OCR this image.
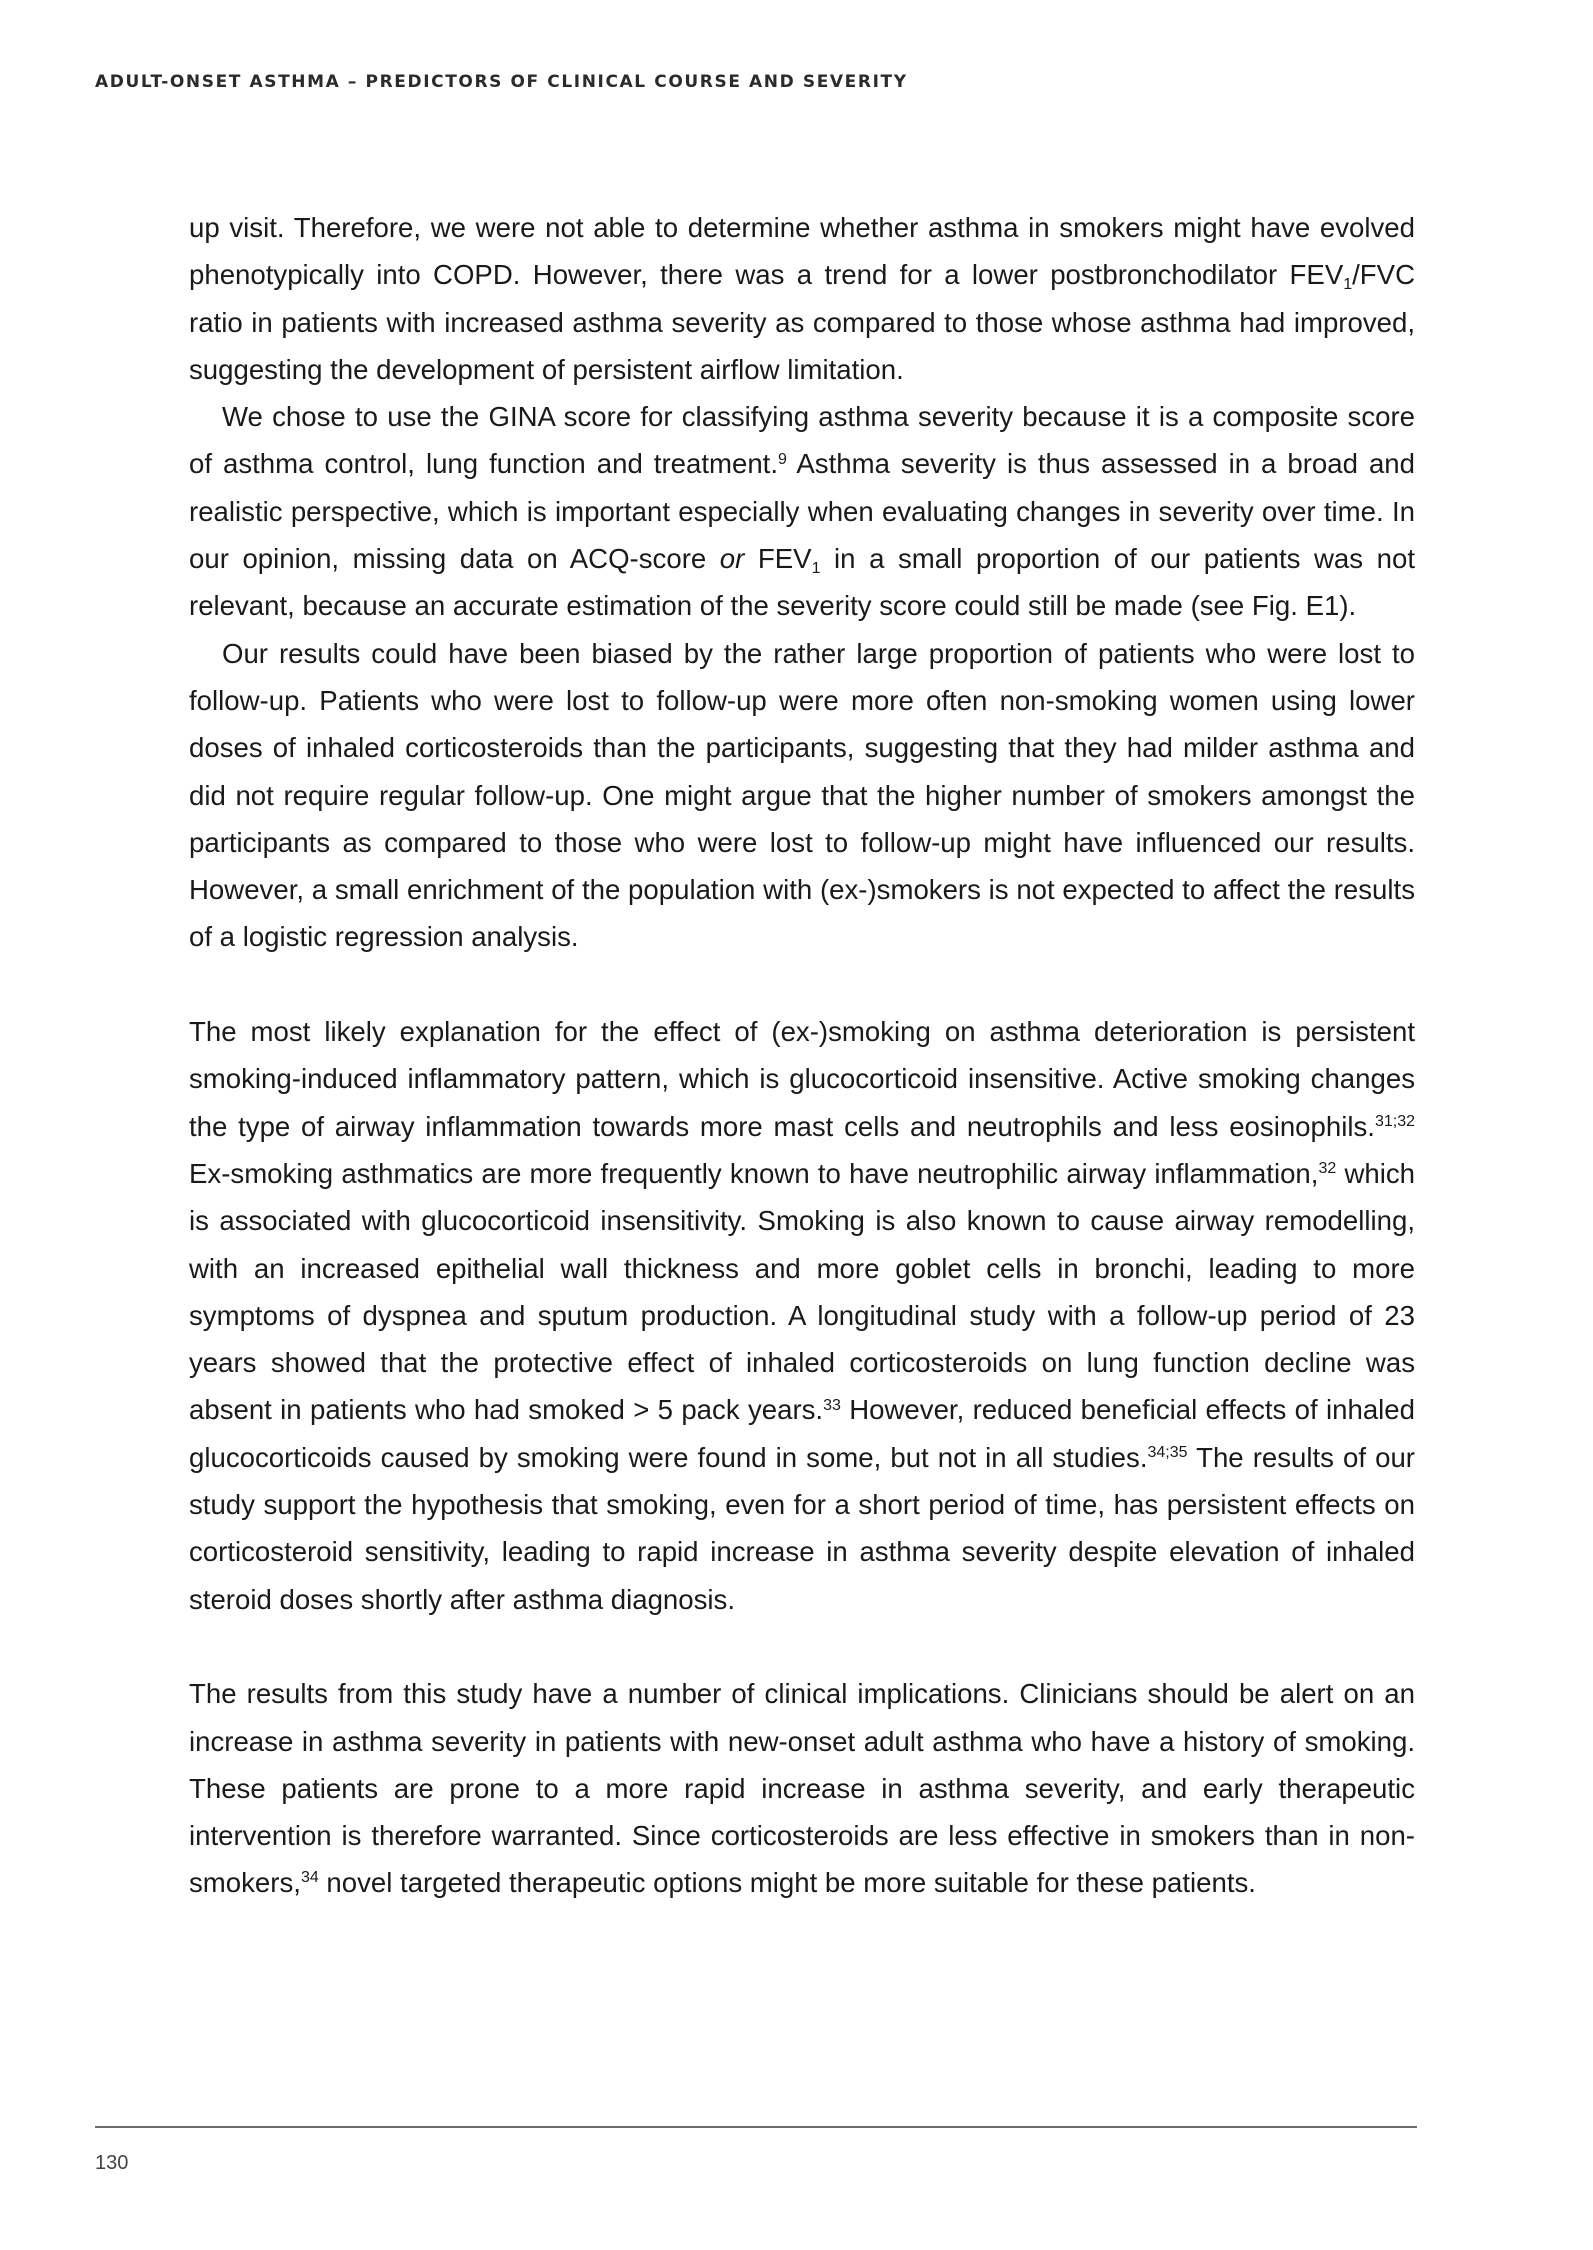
ADULT-ONSET ASTHMA – PREDICTORS OF CLINICAL COURSE AND SEVERITY

up visit. Therefore, we were not able to determine whether asthma in smokers might have evolved phenotypically into COPD. However, there was a trend for a lower postbronchodilator $FEV_1$/FVC ratio in patients with increased asthma severity as compared to those whose asthma had improved, suggesting the development of persistent airflow limitation.

We chose to use the GINA score for classifying asthma severity because it is a composite score of asthma control, lung function and treatment.$^9$ Asthma severity is thus assessed in a broad and realistic perspective, which is important especially when evaluating changes in severity over time. In our opinion, missing data on ACQ-score or $FEV_1$ in a small proportion of our patients was not relevant, because an accurate estimation of the severity score could still be made (see Fig. E1).

Our results could have been biased by the rather large proportion of patients who were lost to follow-up. Patients who were lost to follow-up were more often non-smoking women using lower doses of inhaled corticosteroids than the participants, suggesting that they had milder asthma and did not require regular follow-up. One might argue that the higher number of smokers amongst the participants as compared to those who were lost to follow-up might have influenced our results. However, a small enrichment of the population with (ex-)smokers is not expected to affect the results of a logistic regression analysis.

The most likely explanation for the effect of (ex-)smoking on asthma deterioration is persistent smoking-induced inflammatory pattern, which is glucocorticoid insensitive. Active smoking changes the type of airway inflammation towards more mast cells and neutrophils and less eosinophils.$^{31;32}$ Ex-smoking asthmatics are more frequently known to have neutrophilic airway inflammation,$^{32}$ which is associated with glucocorticoid insensitivity. Smoking is also known to cause airway remodelling, with an increased epithelial wall thickness and more goblet cells in bronchi, leading to more symptoms of dyspnea and sputum production. A longitudinal study with a follow-up period of 23 years showed that the protective effect of inhaled corticosteroids on lung function decline was absent in patients who had smoked > 5 pack years.$^{33}$ However, reduced beneficial effects of inhaled glucocorticoids caused by smoking were found in some, but not in all studies.$^{34;35}$ The results of our study support the hypothesis that smoking, even for a short period of time, has persistent effects on corticosteroid sensitivity, leading to rapid increase in asthma severity despite elevation of inhaled steroid doses shortly after asthma diagnosis.

The results from this study have a number of clinical implications. Clinicians should be alert on an increase in asthma severity in patients with new-onset adult asthma who have a history of smoking. These patients are prone to a more rapid increase in asthma severity, and early therapeutic intervention is therefore warranted. Since corticosteroids are less effective in smokers than in non-smokers,$^{34}$ novel targeted therapeutic options might be more suitable for these patients.

130
